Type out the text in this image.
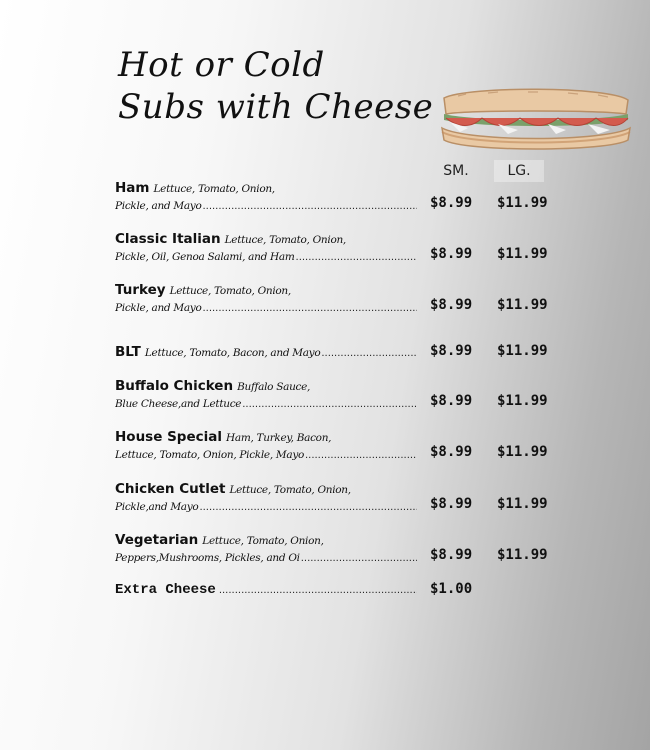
Hot or Cold
Subs with Cheese
SM.	LG.
Ham Lettuce, Tomato, Onion,
Pickle, and Mayo .....	$8.99 $11.99
Classic Italian Lettuce, Tomato, Onion,
Pickle, Oil, Genoa Salami, and Ham .....	$8.99 $11.99
Turkey Lettuce, Tomato, Onion,
Pickle, and Mayo .....	$8.99 $11.99
BLT Lettuce, Tomato, Bacon, and Mayo .....	$8.99 $11.99
Buffalo Chicken Buffalo Sauce,
Blue Cheese,and Lettuce .....	$8.99 $11.99
House Special Ham, Turkey, Bacon,
Lettuce, Tomato, Onion, Pickle, Mayo .....	$8.99 $11.99
Chicken Cutlet Lettuce, Tomato, Onion,
Pickle,and Mayo .....	$8.99 $11.99
Vegetarian Lettuce, Tomato, Onion,
Peppers,Mushrooms, Pickles, and Oi .....	$8.99 $11.99
Extra Cheese .....	$1.00
